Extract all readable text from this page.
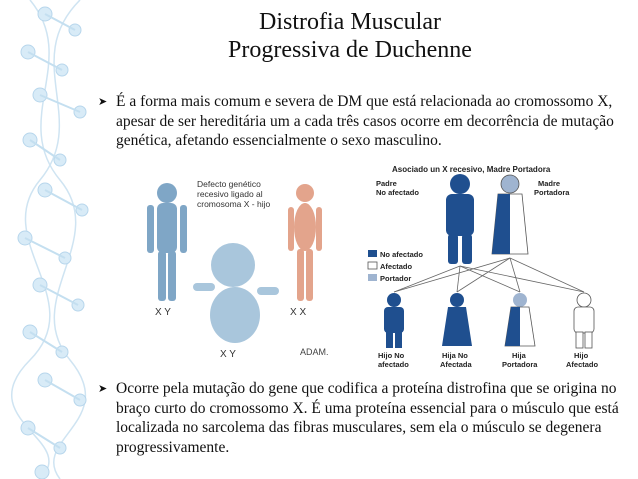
Distrofia Muscular
Progressiva de Duchenne
➤ É a forma mais comum e severa de DM que está relacionada ao cromossomo X, apesar de ser hereditária um a cada três casos ocorre em decorrência de mutação genética, afetando essencialmente o sexo masculino.
Defecto genético
recesivo ligado al
cromosoma X - hijo
X Y	X X
X Y	ADAM.
Asociado un X recesivo, Madre Portadora
Padre
No afectado
Madre
Portadora
No afectado
Afectado
Portador
Hijo No
afectado
Hija No
Afectada
Hija
Portadora
Hijo
Afectado
➤ Ocorre pela mutação do gene que codifica a proteína distrofina que se origina no braço curto do cromossomo X. É uma proteína essencial para o músculo que está localizada no sarcolema das fibras musculares, sem ela o músculo se degenera progressivamente.
